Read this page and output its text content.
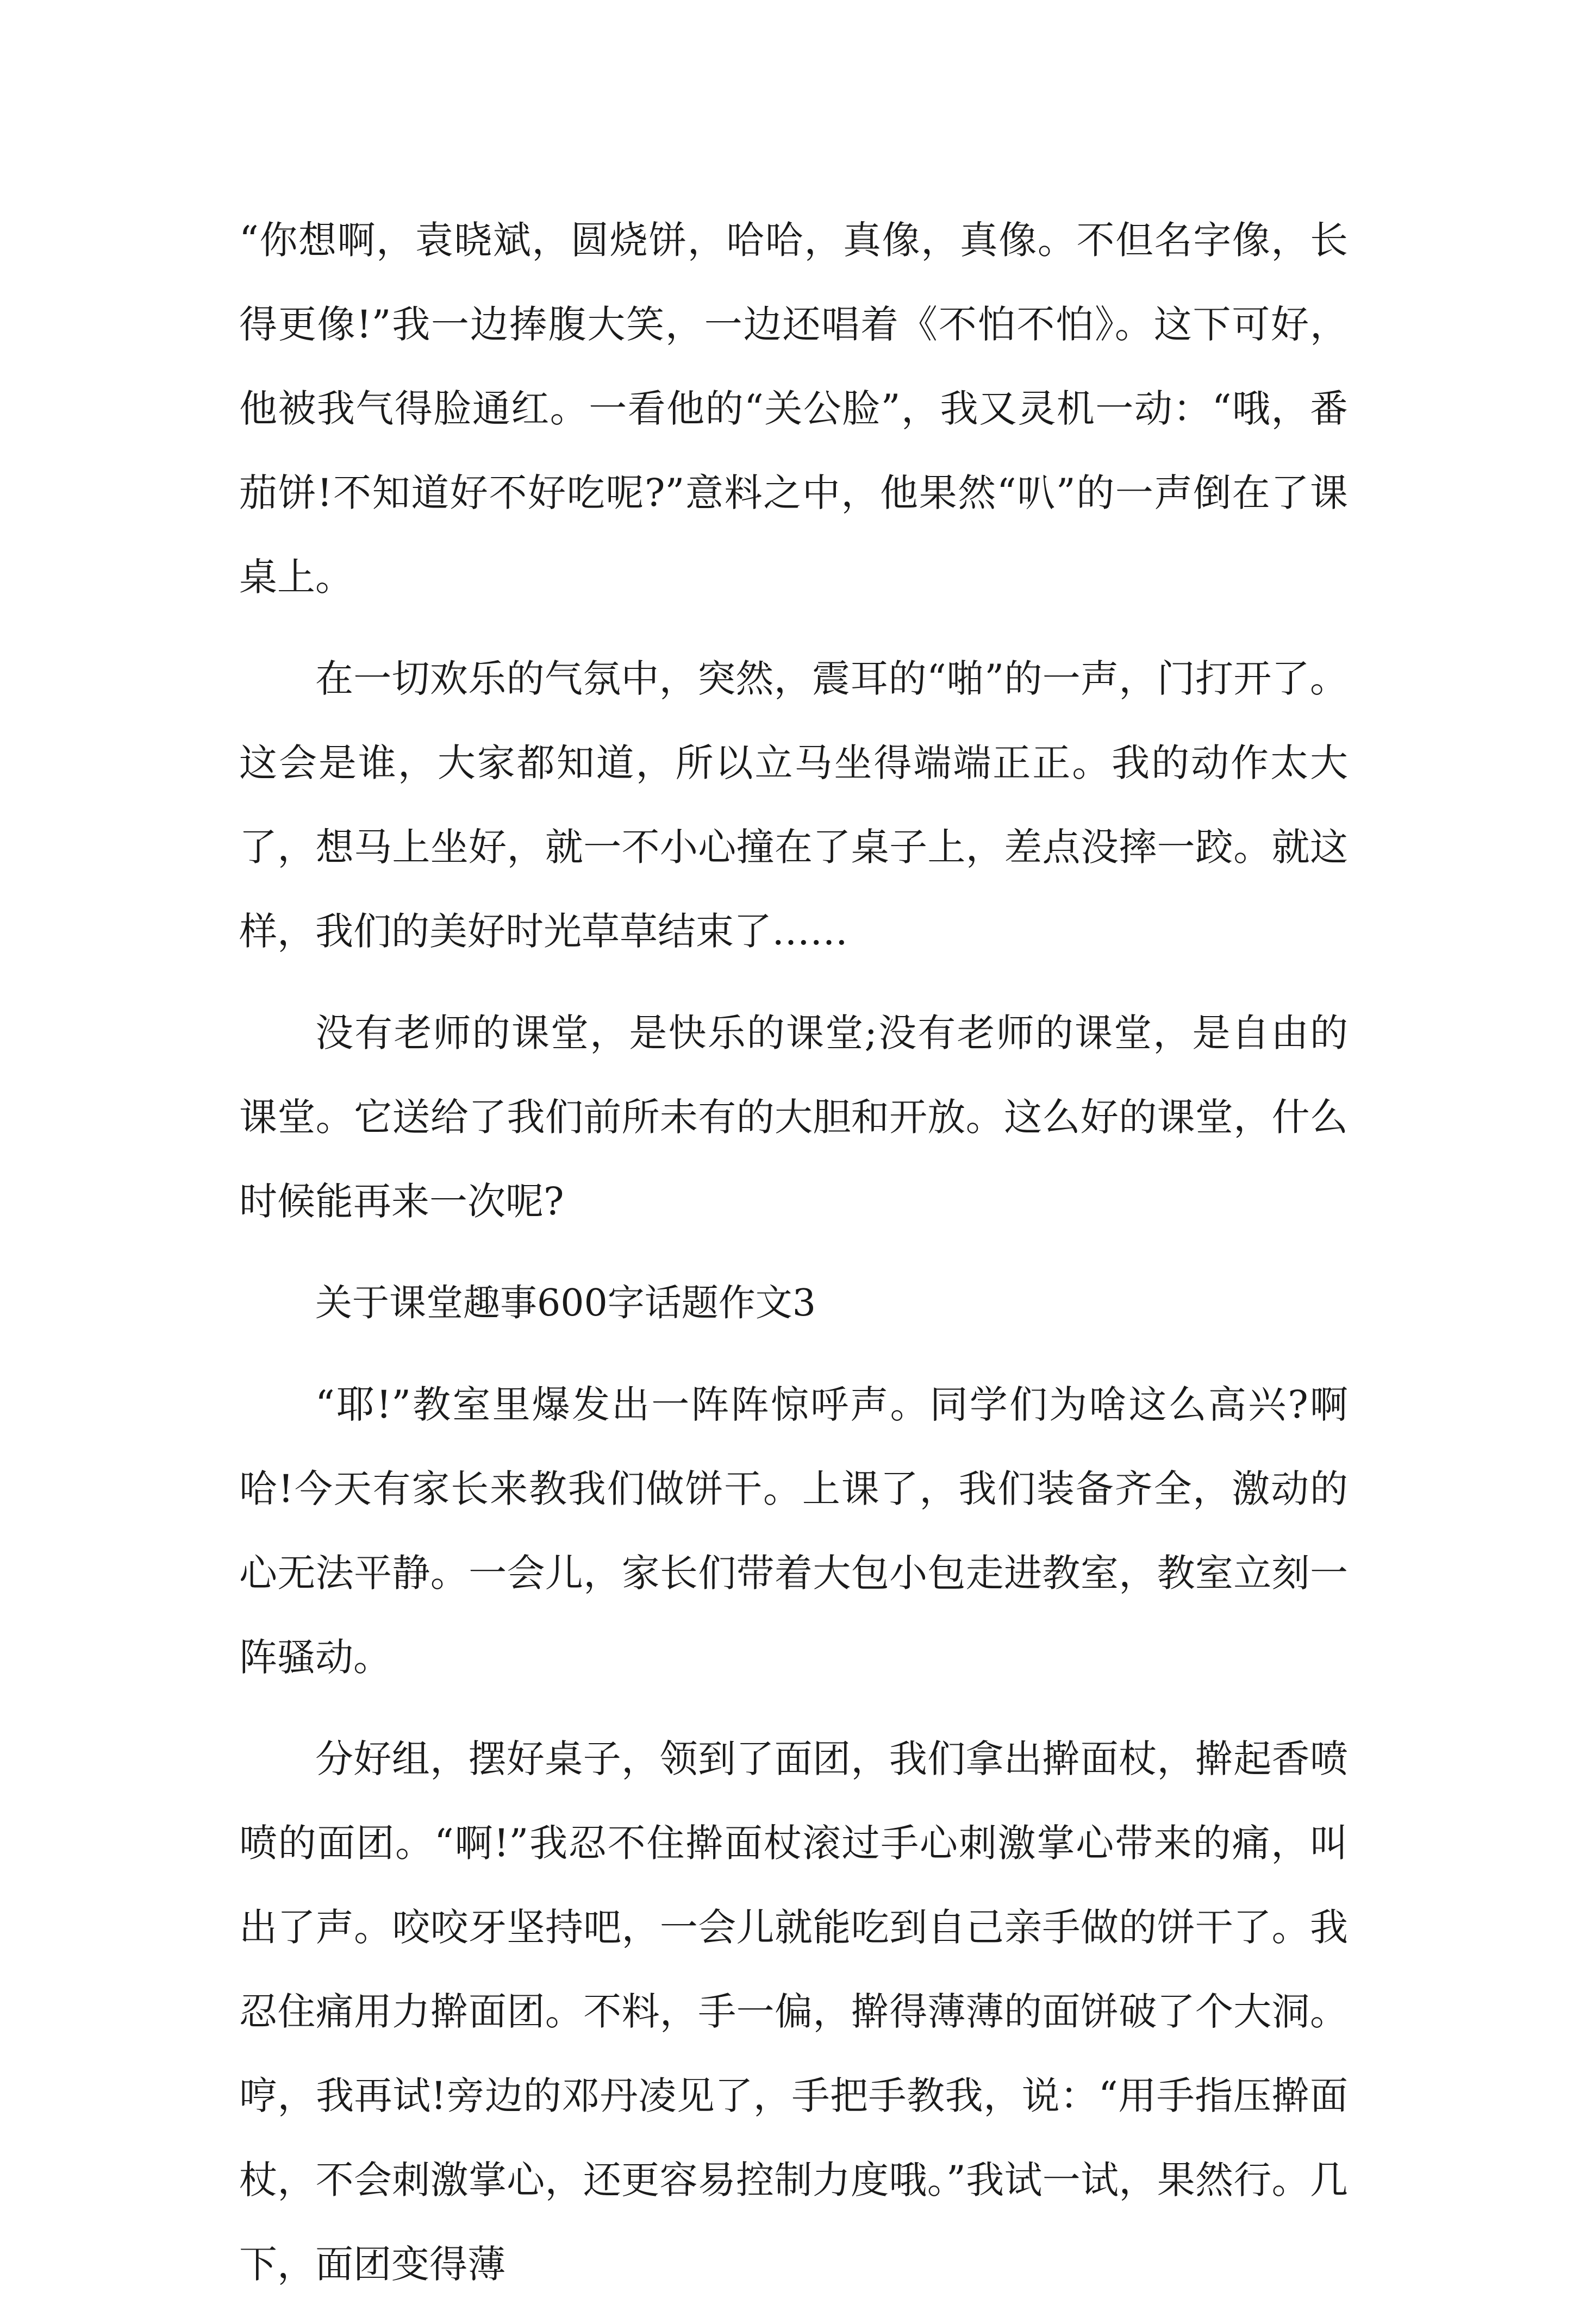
“你想啊，袁晓斌，圆烧饼，哈哈，真像，真像。不但名字像，长得更像!”我一边捧腹大笑，一边还唱着《不怕不怕》。这下可好，他被我气得脸通红。一看他的“关公脸”，我又灵机一动：“哦，番茄饼!不知道好不好吃呢?”意料之中，他果然“叭”的一声倒在了课桌上。

在一切欢乐的气氛中，突然，震耳的“啪”的一声，门打开了。这会是谁，大家都知道，所以立马坐得端端正正。我的动作太大了，想马上坐好，就一不小心撞在了桌子上，差点没摔一跤。就这样，我们的美好时光草草结束了……

没有老师的课堂，是快乐的课堂;没有老师的课堂，是自由的课堂。它送给了我们前所未有的大胆和开放。这么好的课堂，什么时候能再来一次呢?

关于课堂趣事600字话题作文3

“耶!”教室里爆发出一阵阵惊呼声。同学们为啥这么高兴?啊哈!今天有家长来教我们做饼干。上课了，我们装备齐全，激动的心无法平静。一会儿，家长们带着大包小包走进教室，教室立刻一阵骚动。

分好组，摆好桌子，领到了面团，我们拿出擀面杖，擀起香喷喷的面团。“啊!”我忍不住擀面杖滚过手心刺激掌心带来的痛，叫出了声。咬咬牙坚持吧，一会儿就能吃到自己亲手做的饼干了。我忍住痛用力擀面团。不料，手一偏，擀得薄薄的面饼破了个大洞。哼，我再试!旁边的邓丹凌见了，手把手教我，说：“用手指压擀面杖，不会刺激掌心，还更容易控制力度哦。”我试一试，果然行。几下，面团变得薄
